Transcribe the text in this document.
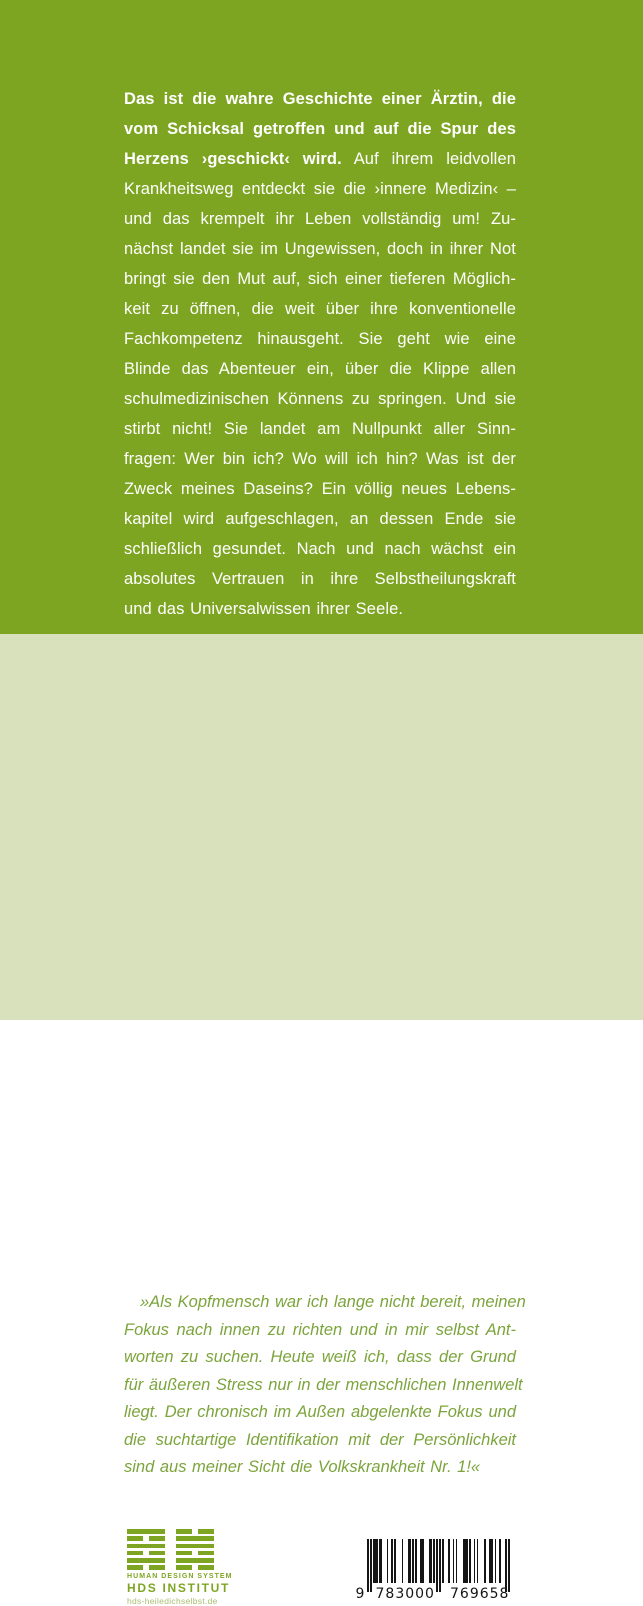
Das ist die wahre Geschichte einer Ärztin, die
vom Schicksal getroffen und auf die Spur des
Herzens ›geschickt‹ wird. Auf ihrem leidvollen
Krankheitsweg entdeckt sie die ›innere Medizin‹ –
und das krempelt ihr Leben vollständig um! Zu-
nächst landet sie im Ungewissen, doch in ihrer Not
bringt sie den Mut auf, sich einer tieferen Möglich-
keit zu öffnen, die weit über ihre konventionelle
Fachkompetenz hinausgeht. Sie geht wie eine
Blinde das Abenteuer ein, über die Klippe allen
schulmedizinischen Könnens zu springen. Und sie
stirbt nicht! Sie landet am Nullpunkt aller Sinn-
fragen: Wer bin ich? Wo will ich hin? Was ist der
Zweck meines Daseins? Ein völlig neues Lebens-
kapitel wird aufgeschlagen, an dessen Ende sie
schließlich gesundet. Nach und nach wächst ein
absolutes Vertrauen in ihre Selbstheilungskraft
und das Universalwissen ihrer Seele.
»Als Kopfmensch war ich lange nicht bereit, meinen
Fokus nach innen zu richten und in mir selbst Ant-
worten zu suchen. Heute weiß ich, dass der Grund
für äußeren Stress nur in der menschlichen Innenwelt
liegt. Der chronisch im Außen abgelenkte Fokus und
die suchtartige Identifikation mit der Persönlichkeit
sind aus meiner Sicht die Volkskrankheit Nr. 1!«
HUMAN DESIGN SYSTEM
HDS INSTITUT
hds-heiledichselbst.de	9 783000	769658
